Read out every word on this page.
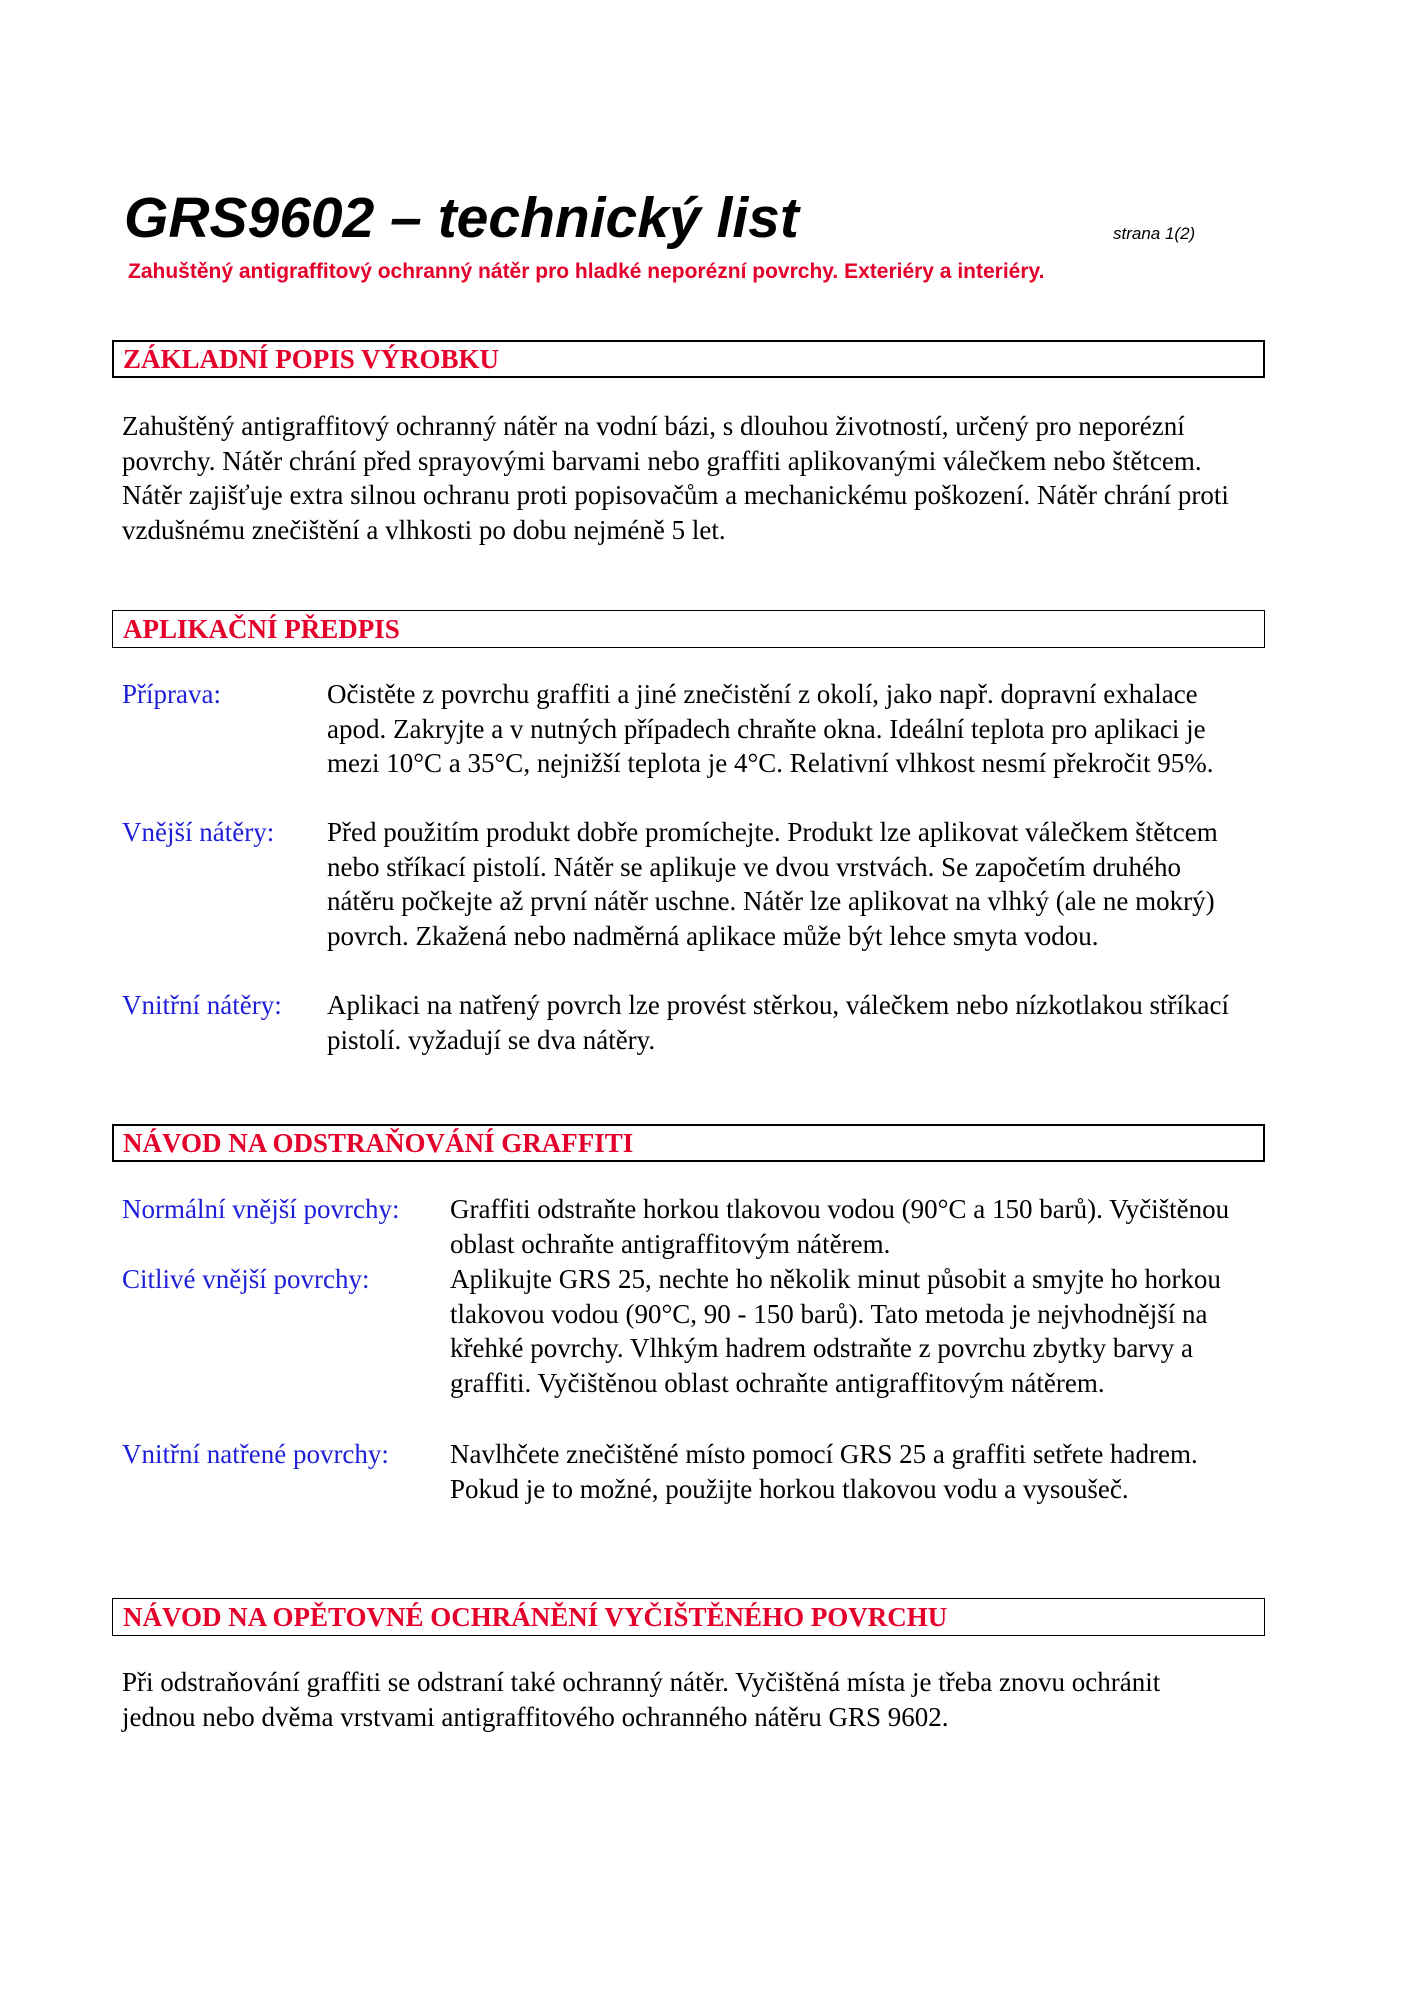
GRS9602 – technický list	strana 1(2)
Zahuštěný antigraffitový ochranný nátěr pro hladké neporézní povrchy. Exteriéry a interiéry.
ZÁKLADNÍ POPIS VÝROBKU

Zahuštěný antigraffitový ochranný nátěr na vodní bázi, s dlouhou životností, určený pro neporézní povrchy. Nátěr chrání před sprayovými barvami nebo graffiti aplikovanými válečkem nebo štětcem. Nátěr zajišťuje extra silnou ochranu proti popisovačům a mechanickému poškození. Nátěr chrání proti vzdušnému znečištění a vlhkosti po dobu nejméně 5 let.

APLIKAČNÍ PŘEDPIS
Příprava:	Očistěte z povrchu graffiti a jiné znečistění z okolí, jako např. dopravní exhalace apod. Zakryjte a v nutných případech chraňte okna. Ideální teplota pro aplikaci je mezi 10°C a 35°C, nejnižší teplota je 4°C. Relativní vlhkost nesmí překročit 95%.
Vnější nátěry: Před použitím produkt dobře promíchejte. Produkt lze aplikovat válečkem štětcem nebo stříkací pistolí. Nátěr se aplikuje ve dvou vrstvách. Se započetím druhého nátěru počkejte až první nátěr uschne. Nátěr lze aplikovat na vlhký (ale ne mokrý) povrch. Zkažená nebo nadměrná aplikace může být lehce smyta vodou.
Vnitřní nátěry: Aplikaci na natřený povrch lze provést stěrkou, válečkem nebo nízkotlakou stříkací pistolí. vyžadují se dva nátěry.
NÁVOD NA ODSTRAŇOVÁNÍ GRAFFITI
Normální vnější povrchy: Graffiti odstraňte horkou tlakovou vodou (90°C a 150 barů). Vyčištěnou oblast ochraňte antigraffitovým nátěrem.
Citlivé vnější povrchy:	Aplikujte GRS 25, nechte ho několik minut působit a smyjte ho horkou tlakovou vodou (90°C, 90 - 150 barů). Tato metoda je nejvhodnější na křehké povrchy. Vlhkým hadrem odstraňte z povrchu zbytky barvy a graffiti. Vyčištěnou oblast ochraňte antigraffitovým nátěrem.
Vnitřní natřené povrchy: Navlhčete znečištěné místo pomocí GRS 25 a graffiti setřete hadrem. Pokud je to možné, použijte horkou tlakovou vodu a vysoušeč.
NÁVOD NA OPĚTOVNÉ OCHRÁNĚNÍ VYČIŠTĚNÉHO POVRCHU

Při odstraňování graffiti se odstraní také ochranný nátěr. Vyčištěná místa je třeba znovu ochránit jednou nebo dvěma vrstvami antigraffitového ochranného nátěru GRS 9602.
